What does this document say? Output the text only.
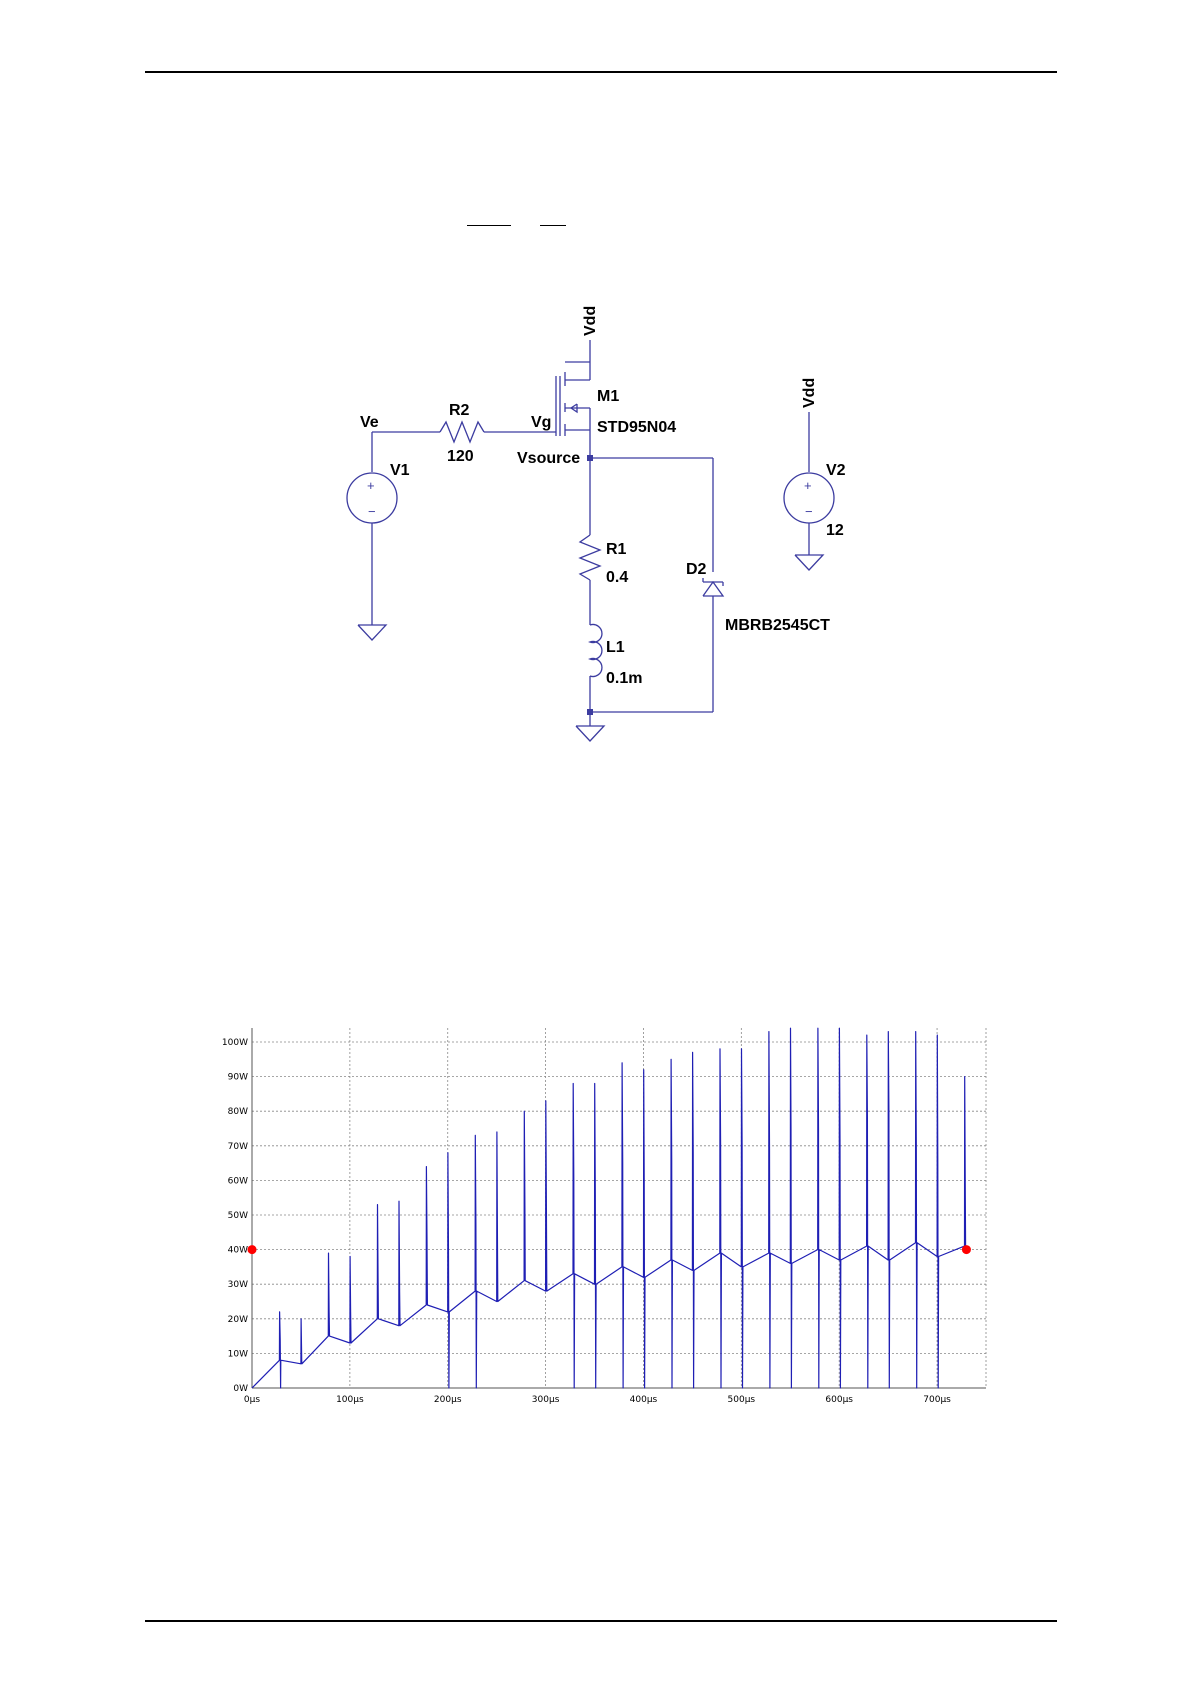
+
−
+
−
Vdd
M1
STD95N04
Ve
R2
120
Vg
Vsource
V1
R1
0.4	D2
MBRB2545CT
L1
0.1m
Vdd
V2
12
0W
10W
20W
30W
40W
50W
60W
70W
80W
90W
100W
0µs	100µs	200µs	300µs	400µs	500µs	600µs	700µs
